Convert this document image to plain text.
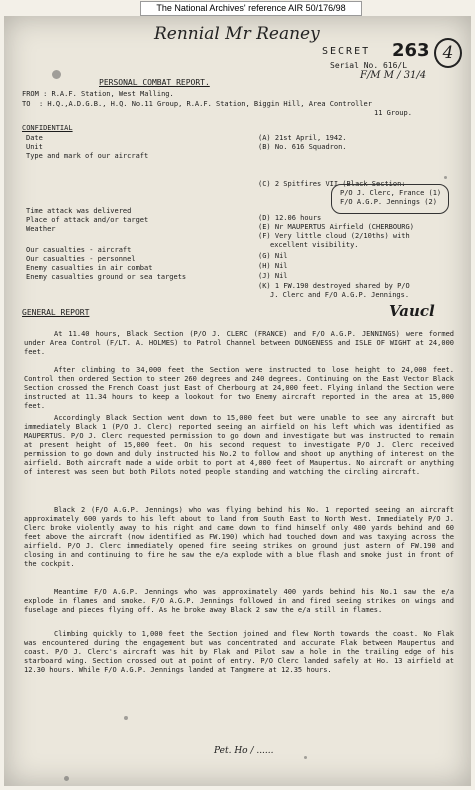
The National Archives' reference AIR 50/176/98
Rennial Mr Reaney
SECRET 263 4
Serial No. 616/L
F/M M / 31/4
PERSONAL COMBAT REPORT.
FROM : R.A.F. Station, West Malling.
TO : H.Q.,A.D.G.B., H.Q. No.11 Group, R.A.F. Station, Biggin Hill, Area Controller
11 Group.
CONFIDENTIAL
Date	(A) 21st April, 1942.
Unit	(B) No. 616 Squadron.
Type and mark of our aircraft
(C) 2 Spitfires VII (Black Section:
P/O J. Clerc, France (1)
F/O A.G.P. Jennings (2)
Time attack was delivered
(D) 12.06 hours
Place of attack and/or target
(E) Nr MAUPERTUS Airfield (CHERBOURG)
Weather
(F) Very little cloud (2/10ths) with
excellent visibility.
Our casualties - aircraft
(G) Nil
Our casualties - personnel
(H) Nil
Enemy casualties in air combat
(J) Nil
Enemy casualties ground or sea targets
(K) 1 FW.190 destroyed shared by P/O
J. Clerc and F/O A.G.P. Jennings.
Vaucl
GENERAL REPORT
At 11.40 hours, Black Section (P/O J. CLERC (FRANCE) and F/O A.G.P. JENNINGS) were formed under Area Control (F/LT. A. HOLMES) to Patrol Channel between DUNGENESS and ISLE OF WIGHT at 24,000 feet.
After climbing to 34,000 feet the Section were instructed to lose height to 24,000 feet. Control then ordered Section to steer 260 degrees and 240 degrees. Continuing on the East Vector Black Section crossed the French Coast just East of Cherbourg at 24,000 feet. Flying inland the Section were instructed at 11.34 hours to keep a lookout for two Enemy aircraft reported in the area at 15,000 feet.
Accordingly Black Section went down to 15,000 feet but were unable to see any aircraft but immediately Black 1 (P/O J. Clerc) reported seeing an airfield on his left which was identified as MAUPERTUS. P/O J. Clerc requested permission to go down and investigate but was instructed to remain at present height of 15,000 feet. On his second request to investigate P/O J. Clerc received permission to go down and duly instructed his No.2 to follow and shoot up anything of interest on the airfield. Both aircraft made a wide orbit to port at 4,000 feet of Maupertus. No aircraft or anything of interest was seen but both Pilots noted people standing and watching the circling aircraft.
Black 2 (F/O A.G.P. Jennings) who was flying behind his No. 1 reported seeing an aircraft approximately 600 yards to his left about to land from South East to North West. Immediately P/O J. Clerc broke violently away to his right and came down to find himself only 400 yards behind and 60 feet above the aircraft (now identified as FW.190) which had touched down and was taxying across the airfield. P/O J. Clerc immediately opened fire seeing strikes on ground just astern of FW.190 and closing in and continuing to fire he saw the e/a explode with a blue flash and smoke just in front of the cockpit.
Meantime F/O A.G.P. Jennings who was approximately 400 yards behind his No.1 saw the e/a explode in flames and smoke. F/O A.G.P. Jennings followed in and fired seeing strikes on wings and fuselage and pieces flying off. As he broke away Black 2 saw the e/a still in flames.
Climbing quickly to 1,000 feet the Section joined and flew North towards the coast. No Flak was encountered during the engagement but was concentrated and accurate Flak between Maupertus and coast. P/O J. Clerc's aircraft was hit by Flak and Pilot saw a hole in the trailing edge of his starboard wing. Section crossed out at point of entry. P/O Clerc landed safely at Ho. 13 airfield at 12.30 hours. While F/O A.G.P. Jennings landed at Tangmere at 12.35 hours.
Pet. Ho / ......
